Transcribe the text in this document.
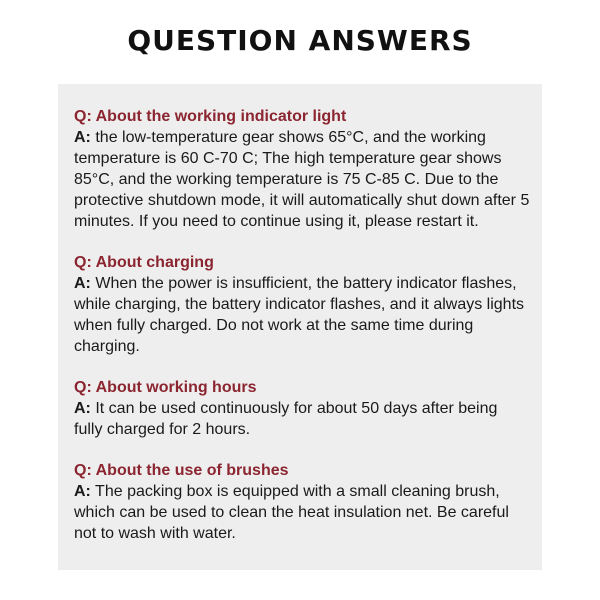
QUESTION ANSWERS

Q: About the working indicator light

A: the low-temperature gear shows 65°C, and the working temperature is 60 C-70 C; The high temperature gear shows 85°C, and the working temperature is 75 C-85 C. Due to the protective shutdown mode, it will automatically shut down after 5 minutes. If you need to continue using it, please restart it.

Q: About charging

A: When the power is insufficient, the battery indicator flashes, while charging, the battery indicator flashes, and it always lights when fully charged. Do not work at the same time during charging.

Q: About working hours

A: It can be used continuously for about 50 days after being fully charged for 2 hours.

Q: About the use of brushes

A: The packing box is equipped with a small cleaning brush, which can be used to clean the heat insulation net. Be careful not to wash with water.
